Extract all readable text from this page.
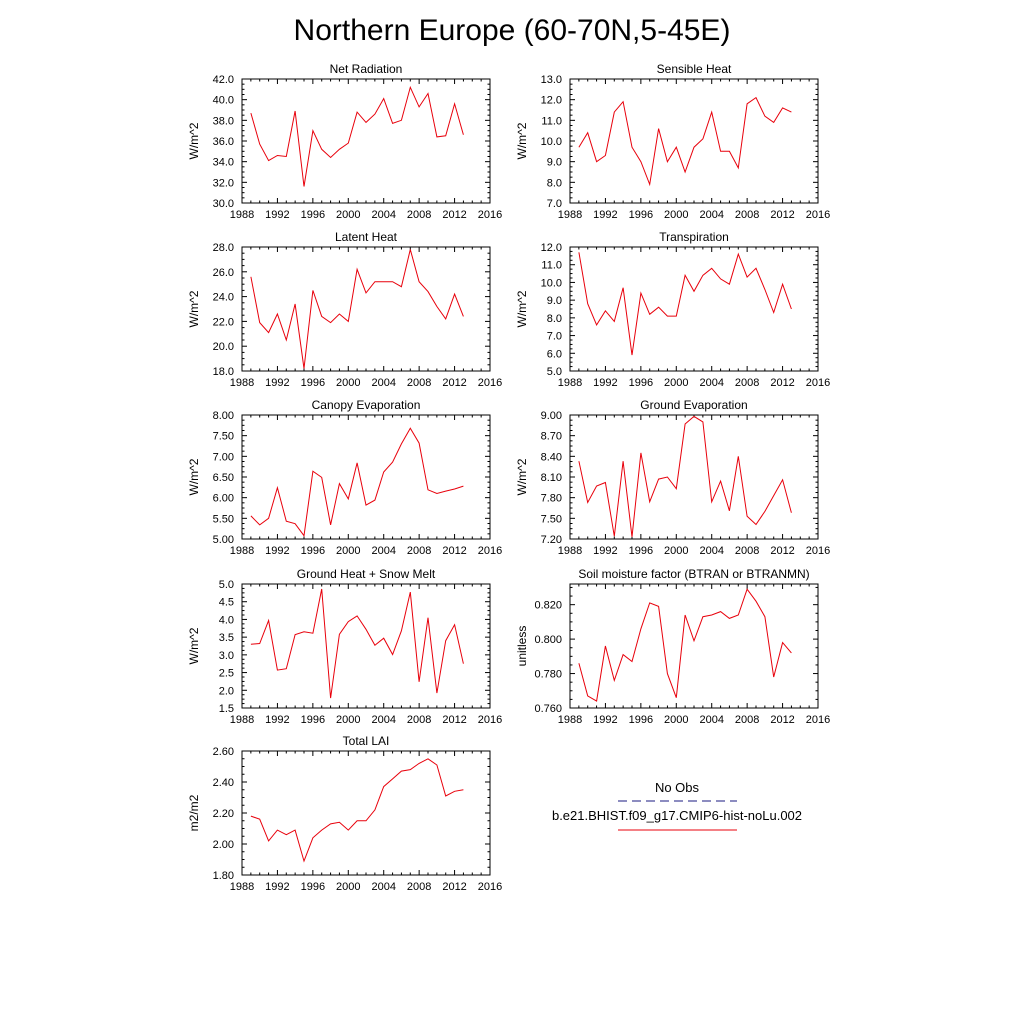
Northern Europe (60-70N,5-45E)
Net Radiation
W/m^2
1988 1992 1996 2000 2004 2008 2012 2016
30.0
32.0
34.0
36.0
38.0
40.0
42.0
Sensible Heat
W/m^2
1988 1992 1996 2000 2004 2008 2012 2016
7.0
8.0
9.0
10.0
11.0
12.0
13.0
Latent Heat
W/m^2
1988 1992 1996 2000 2004 2008 2012 2016
18.0
20.0
22.0
24.0
26.0
28.0
Transpiration
W/m^2
1988 1992 1996 2000 2004 2008 2012 2016
5.0
6.0
7.0
8.0
9.0
10.0
11.0
12.0
Canopy Evaporation
W/m^2
1988 1992 1996 2000 2004 2008 2012 2016
5.00
5.50
6.00
6.50
7.00
7.50
8.00
Ground Evaporation
W/m^2
1988 1992 1996 2000 2004 2008 2012 2016
7.20
7.50
7.80
8.10
8.40
8.70
9.00
Ground Heat + Snow Melt
W/m^2
1988 1992 1996 2000 2004 2008 2012 2016
1.5
2.0
2.5
3.0
3.5
4.0
4.5
5.0
Soil moisture factor (BTRAN or BTRANMN)
unitless
1988 1992 1996 2000 2004 2008 2012 2016
0.760
0.780
0.800
0.820
Total LAI
m2/m2
1988 1992 1996 2000 2004 2008 2012 2016
1.80
2.00
2.20
2.40
2.60
No Obs
b.e21.BHIST.f09_g17.CMIP6-hist-noLu.002
